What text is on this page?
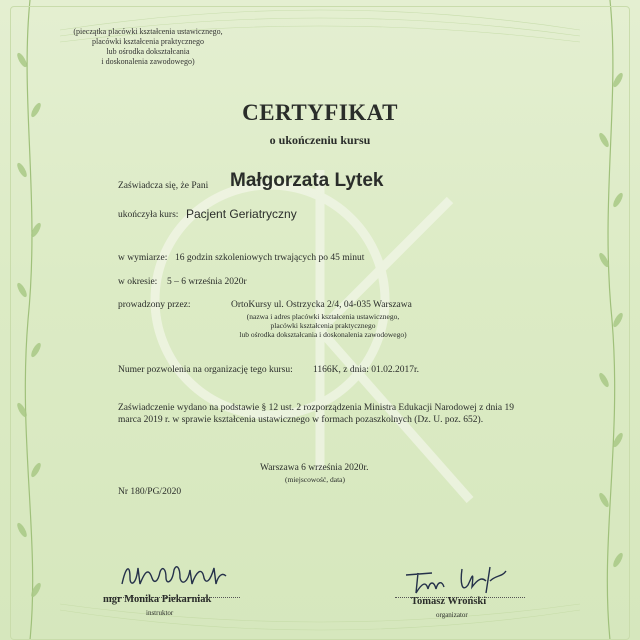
(pieczątka placówki kształcenia ustawicznego,
placówki kształcenia praktycznego
lub ośrodka dokształcania
i doskonalenia zawodowego)
CERTYFIKAT
o ukończeniu kursu
Zaświadcza się, że Pani Małgorzata Lytek
ukończyła kurs: Pacjent Geriatryczny
w wymiarze: 16 godzin szkoleniowych trwających po 45 minut
w okresie: 5 – 6 września 2020r
prowadzony przez:	OrtoKursy ul. Ostrzycka 2/4, 04-035 Warszawa
(nazwa i adres placówki kształcenia ustawicznego,
placówki kształcenia praktycznego
lub ośrodka dokształcania i doskonalenia zawodowego)
Numer pozwolenia na organizację tego kursu: 1166K, z dnia: 01.02.2017r.
Zaświadczenie wydano na podstawie § 12 ust. 2 rozporządzenia Ministra Edukacji Narodowej z dnia 19
marca 2019 r. w sprawie kształcenia ustawicznego w formach pozaszkolnych (Dz. U. poz. 652).
Warszawa 6 września 2020r.
(miejscowość, data)
Nr 180/PG/2020
mgr Monika Piekarniak
instruktor
Tomasz Wroński
organizator
